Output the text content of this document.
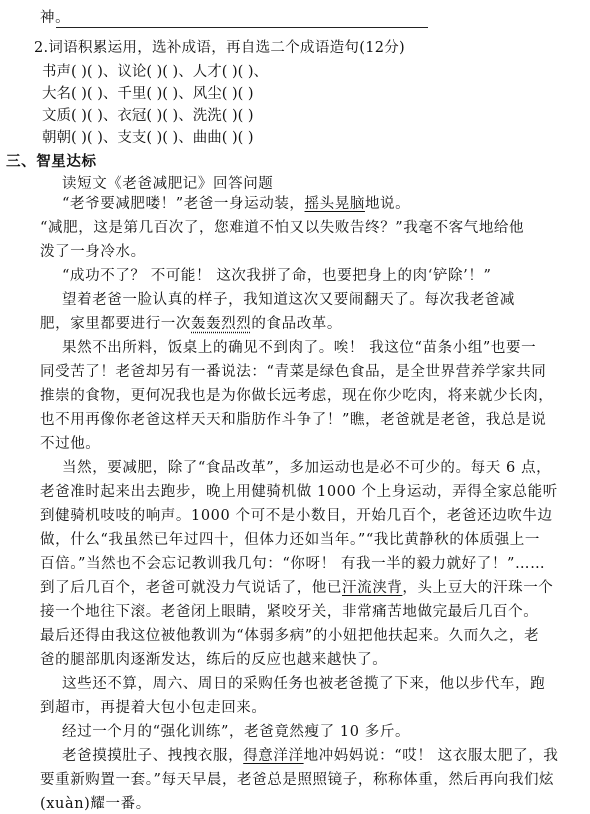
神。
2.词语积累运用，选补成语，再自选二个成语造句(12分)
书声( )( )、议论( )( )、人才( )( )、
大名( )( )、千里( )( )、风尘( )( )
文质( )( )、衣冠( )( )、洗洗( )( )
朝朝( )( )、支支( )( )、曲曲( )( )
三、智星达标
读短文《老爸减肥记》回答问题
“老爷要减肥喽！”老爸一身运动装，摇头晃脑地说。
“减肥，这是第几百次了，您难道不怕又以失败告终？”我毫不客气地给他
泼了一身冷水。
“成功不了？ 不可能！ 这次我拼了命，也要把身上的肉‘铲除’！”
望着老爸一脸认真的样子，我知道这次又要闹翻天了。每次我老爸减
肥，家里都要进行一次轰轰烈烈的食品改革。
果然不出所料，饭桌上的确见不到肉了。唉！ 我这位“苗条小组”也要一
同受苦了！老爸却另有一番说法：“青菜是绿色食品，是全世界营养学家共同
推崇的食物，更何况我也是为你做长远考虑，现在你少吃肉，将来就少长肉，
也不用再像你老爸这样天天和脂肪作斗争了！”瞧，老爸就是老爸，我总是说
不过他。
当然，要减肥，除了“食品改革”，多加运动也是必不可少的。每天 6 点，
老爸准时起来出去跑步，晚上用健骑机做 1000 个上身运动，弄得全家总能听
到健骑机吱吱的响声。1000 个可不是小数目，开始几百个，老爸还边吹牛边
做，什么“我虽然已年过四十，但体力还如当年。”“我比黄静秋的体质强上一
百倍。”当然也不会忘记教训我几句：“你呀！ 有我一半的毅力就好了！”……
到了后几百个，老爸可就没力气说话了，他已汗流浃背，头上豆大的汗珠一个
接一个地往下滚。老爸闭上眼睛，紧咬牙关，非常痛苦地做完最后几百个。
最后还得由我这位被他教训为“体弱多病”的小妞把他扶起来。久而久之，老
爸的腿部肌肉逐渐发达，练后的反应也越来越快了。
这些还不算，周六、周日的采购任务也被老爸揽了下来，他以步代车，跑
到超市，再提着大包小包走回来。
经过一个月的“强化训练”，老爸竟然瘦了 10 多斤。
老爸摸摸肚子、拽拽衣服，得意洋洋地冲妈妈说：“哎！ 这衣服太肥了，我
要重新购置一套。”每天早晨，老爸总是照照镜子，称称体重，然后再向我们炫
(xuàn)耀一番。
